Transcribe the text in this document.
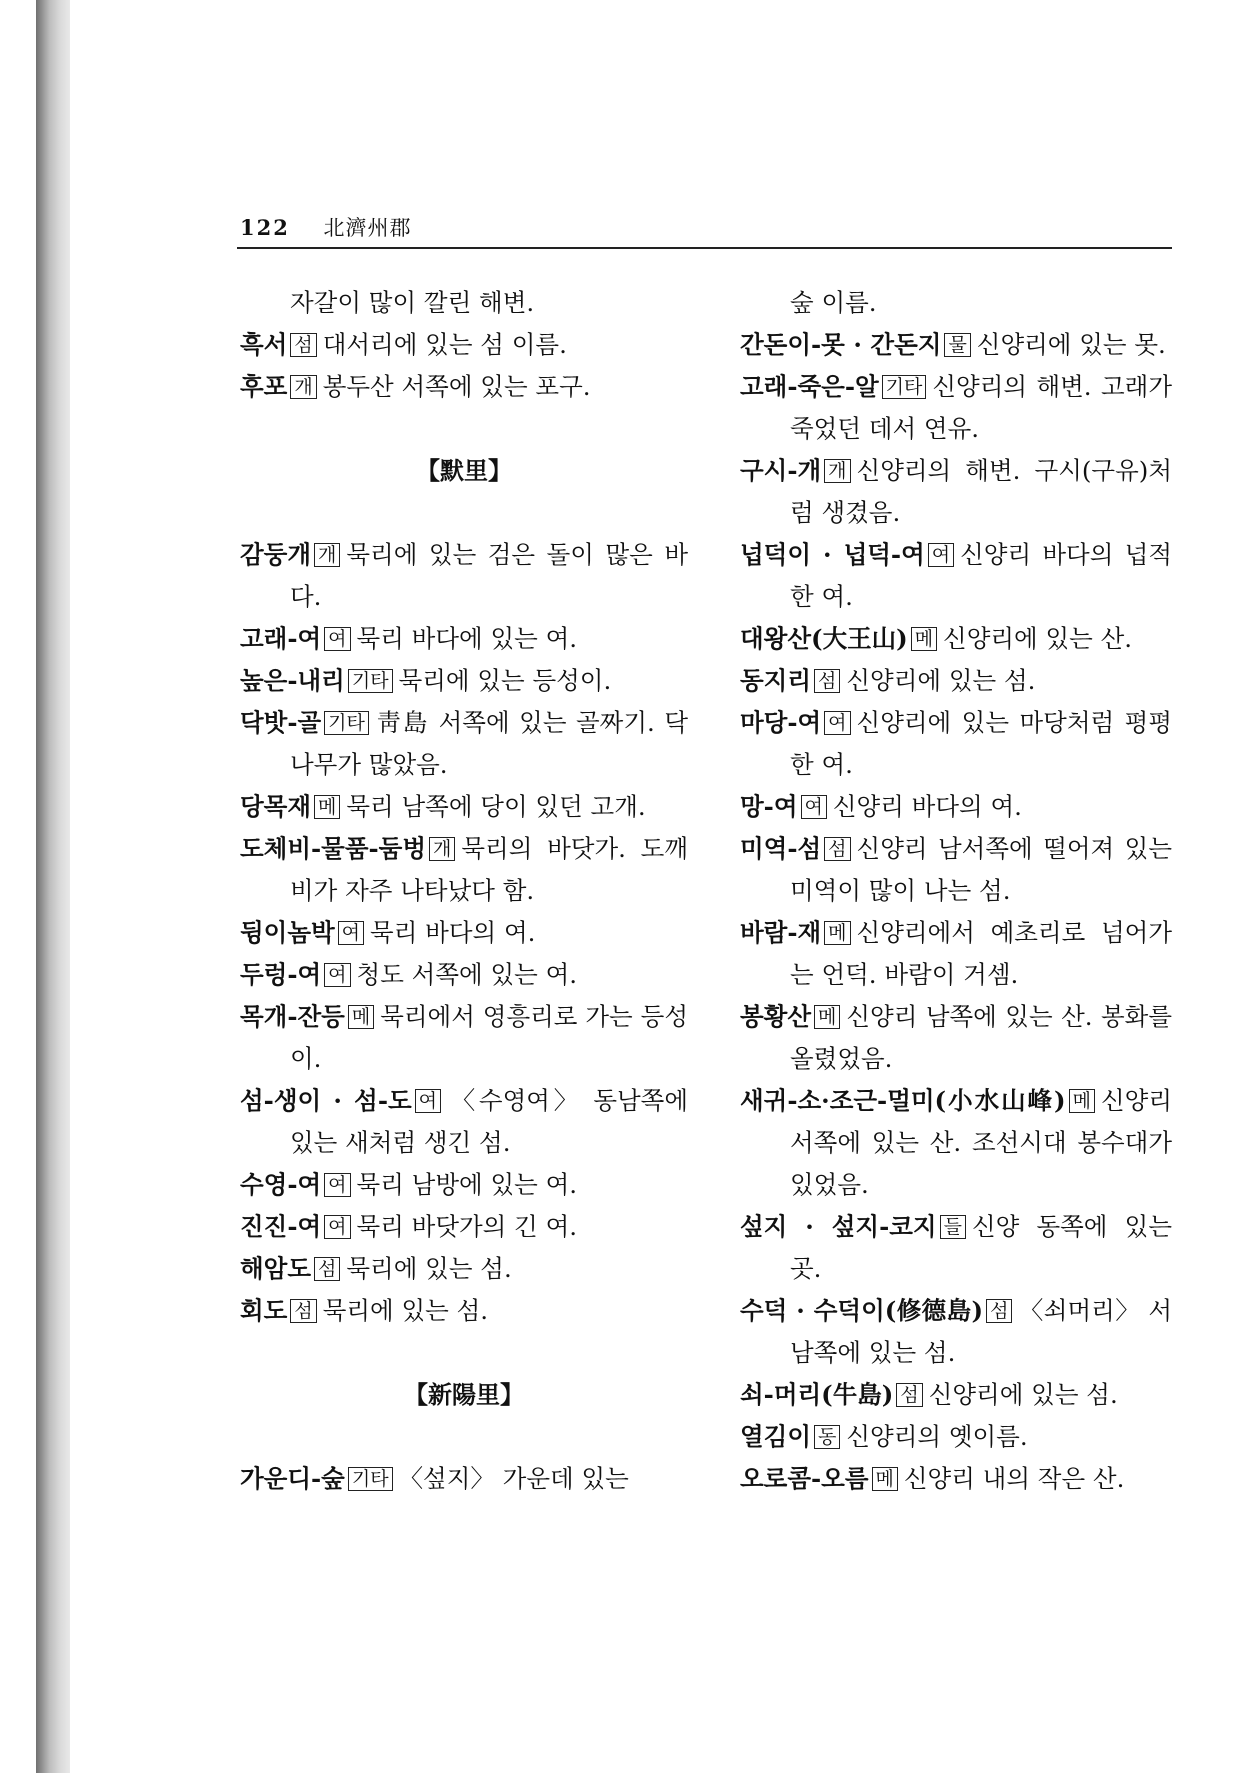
122 北濟州郡
자갈이 많이 깔린 해변.
흑서 섬 대서리에 있는 섬 이름.
후포 개 봉두산 서쪽에 있는 포구.
【默里】
감둥개 개 묵리에 있는 검은 돌이 많은 바다.
고래-여 여 묵리 바다에 있는 여.
높은-내리 기타 묵리에 있는 등성이.
닥밧-골 기타 靑島 서쪽에 있는 골짜기. 닥나무가 많았음.
당목재 메 묵리 남쪽에 당이 있던 고개.
도체비-물품-둠벙 개 묵리의 바닷가. 도깨비가 자주 나타났다 함.
뒹이놈박 여 묵리 바다의 여.
두렁-여 여 청도 서쪽에 있는 여.
목개-잔등 메 묵리에서 영흥리로 가는 등성이.
섬-생이 · 섬-도 여 〈수영여〉 동남쪽에 있는 새처럼 생긴 섬.
수영-여 여 묵리 남방에 있는 여.
진진-여 여 묵리 바닷가의 긴 여.
해암도 섬 묵리에 있는 섬.
회도 섬 묵리에 있는 섬.
【新陽里】
가운디-숲 기타 〈섶지〉 가운데 있는
숲 이름.
간돈이-못 · 간돈지 물 신양리에 있는 못.
고래-죽은-알 기타 신양리의 해변. 고래가 죽었던 데서 연유.
구시-개 개 신양리의 해변. 구시(구유)처럼 생겼음.
넙덕이 · 넙덕-여 여 신양리 바다의 넙적한 여.
대왕산(大王山) 메 신양리에 있는 산.
동지리 섬 신양리에 있는 섬.
마당-여 여 신양리에 있는 마당처럼 평평한 여.
망-여 여 신양리 바다의 여.
미역-섬 섬 신양리 남서쪽에 떨어져 있는 미역이 많이 나는 섬.
바람-재 메 신양리에서 예초리로 넘어가는 언덕. 바람이 거셈.
봉황산 메 신양리 남쪽에 있는 산. 봉화를 올렸었음.
새귀-소·조근-멀미(小水山峰) 메 신양리 서쪽에 있는 산. 조선시대 봉수대가 있었음.
섶지 · 섶지-코지 들 신양 동쪽에 있는 곳.
수덕 · 수덕이(修德島) 섬 〈쇠머리〉 서남쪽에 있는 섬.
쇠-머리(牛島) 섬 신양리에 있는 섬.
열김이 동 신양리의 옛이름.
오로콤-오름 메 신양리 내의 작은 산.
